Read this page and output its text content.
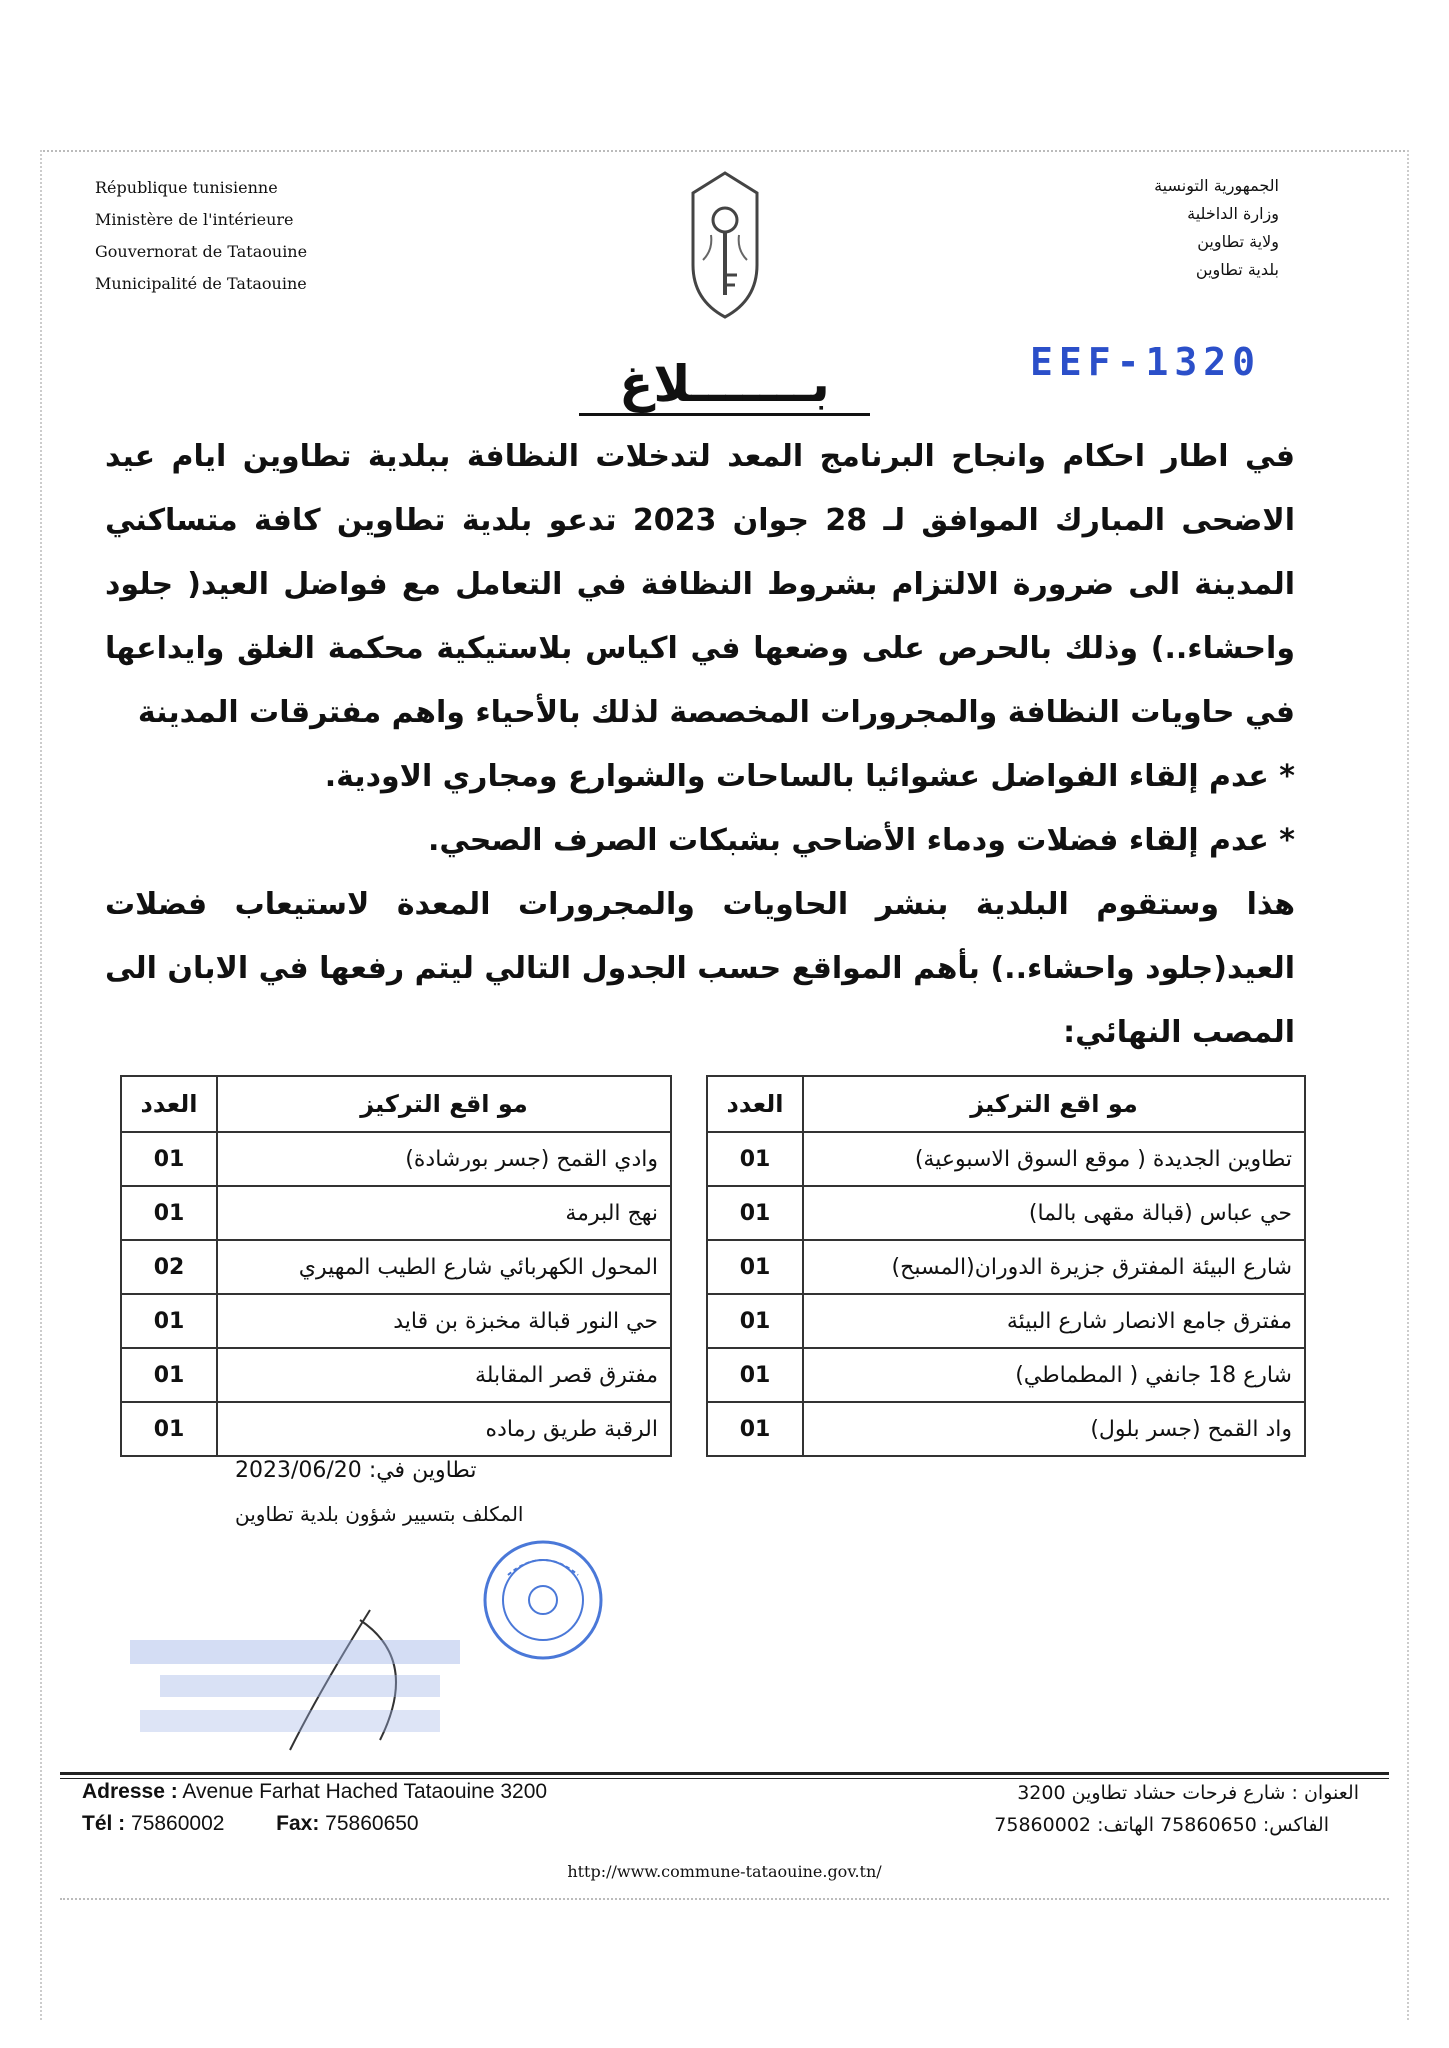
République tunisienne
Ministère de l'intérieure
Gouvernorat de Tataouine
Municipalité de Tataouine
الجمهورية التونسية
وزارة الداخلية
ولاية تطاوين
بلدية تطاوين
EEF-1320
بـــــــلاغ

في اطار احكام وانجاح البرنامج المعد لتدخلات النظافة ببلدية تطاوين ايام عيد الاضحى المبارك الموافق لـ 28 جوان 2023 تدعو بلدية تطاوين كافة متساكني المدينة الى ضرورة الالتزام بشروط النظافة في التعامل مع فواضل العيد( جلود واحشاء..) وذلك بالحرص على وضعها في اكياس بلاستيكية محكمة الغلق وايداعها في حاويات النظافة والمجرورات المخصصة لذلك بالأحياء واهم مفترقات المدينة

* عدم إلقاء الفواضل عشوائيا بالساحات والشوارع ومجاري الاودية.

* عدم إلقاء فضلات ودماء الأضاحي بشبكات الصرف الصحي.

هذا وستقوم البلدية بنشر الحاويات والمجرورات المعدة لاستيعاب فضلات العيد(جلود واحشاء..) بأهم المواقع حسب الجدول التالي ليتم رفعها في الابان الى المصب النهائي:

مو اقع التركيز	العدد
تطاوين الجديدة ( موقع السوق الاسبوعية)	01
حي عباس (قبالة مقهى بالما)	01
شارع البيئة المفترق جزيرة الدوران(المسبح)	01
مفترق جامع الانصار شارع البيئة	01
شارع 18 جانفي ( المطماطي)	01
واد القمح (جسر بلول)	01
مو اقع التركيز	العدد
وادي القمح (جسر بورشادة)	01
نهج البرمة	01
المحول الكهربائي شارع الطيب المهيري	02
حي النور قبالة مخبزة بن قايد	01
مفترق قصر المقابلة	01
الرقبة طريق رماده	01
تطاوين في: 2023/06/20
المكلف بتسيير شؤون بلدية تطاوين
Adresse : Avenue Farhat Hached Tataouine 3200
Tél : 75860002 Fax: 75860650
العنوان : شارع فرحات حشاد تطاوين 3200
الفاكس: 75860650 الهاتف: 75860002
http://www.commune-tataouine.gov.tn/
